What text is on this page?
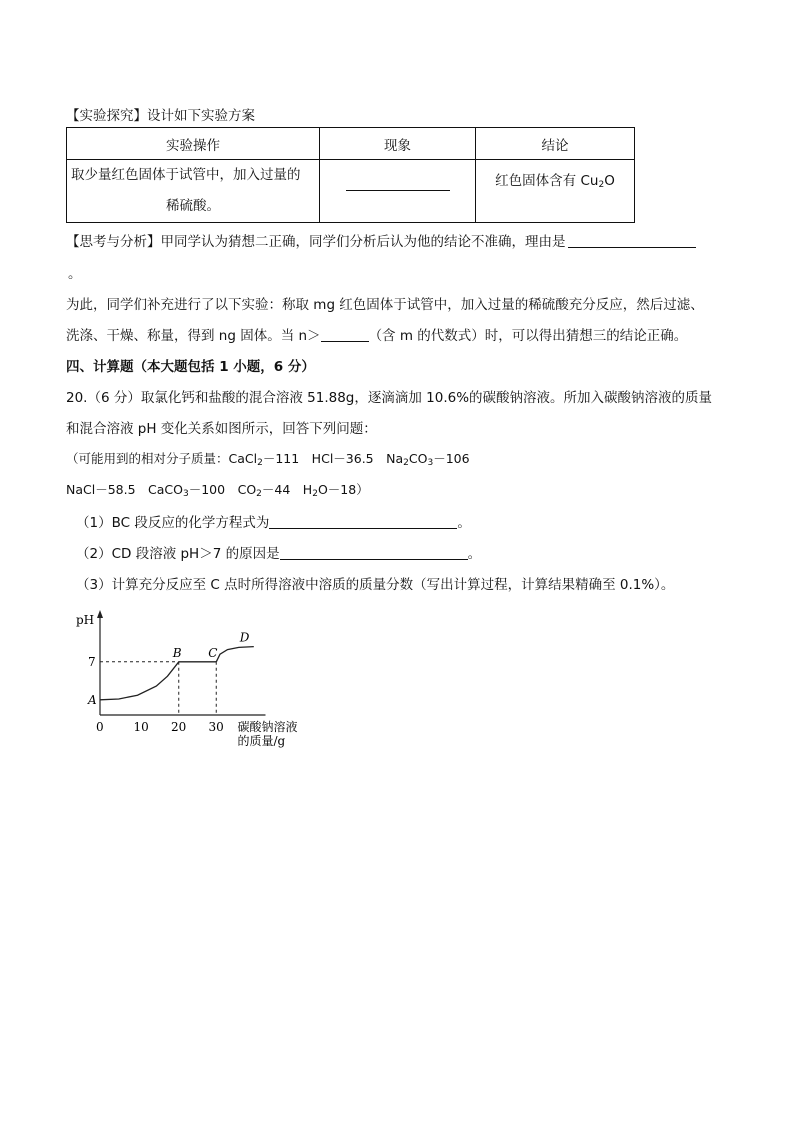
【实验探究】设计如下实验方案
实验操作	现象	结论

取少量红色固体于试管中，加入过量的
稀硫酸。		红色固体含有 $Cu_2O$
【思考与分析】甲同学认为猜想二正确，同学们分析后认为他的结论不准确，理由是
。
为此，同学们补充进行了以下实验：称取 mg 红色固体于试管中，加入过量的稀硫酸充分反应，然后过滤、
洗涤、干燥、称量，得到 ng 固体。当 n＞	（含 m 的代数式）时，可以得出猜想三的结论正确。
四、计算题（本大题包括 1 小题，6 分）
20.（6 分）取氯化钙和盐酸的混合溶液 51.88g，逐滴滴加 10.6%的碳酸钠溶液。所加入碳酸钠溶液的质量
和混合溶液 pH 变化关系如图所示，回答下列问题：
（可能用到的相对分子质量：CaCl$_2$－111　HCl－36.5　$Na_2CO_3-106$
NaCl－58.5　CaCO$_3$－100　$CO_2-44$　$H_2O-18$）
（1）BC 段反应的化学方程式为	。
（2）CD 段溶液 pH＞7 的原因是	。
（3）计算充分反应至 C 点时所得溶液中溶质的质量分数（写出计算过程，计算结果精确至 0.1%）。
pH
0 10 20 30
7
碳酸钠溶液
的质量/g
A
B C
D
